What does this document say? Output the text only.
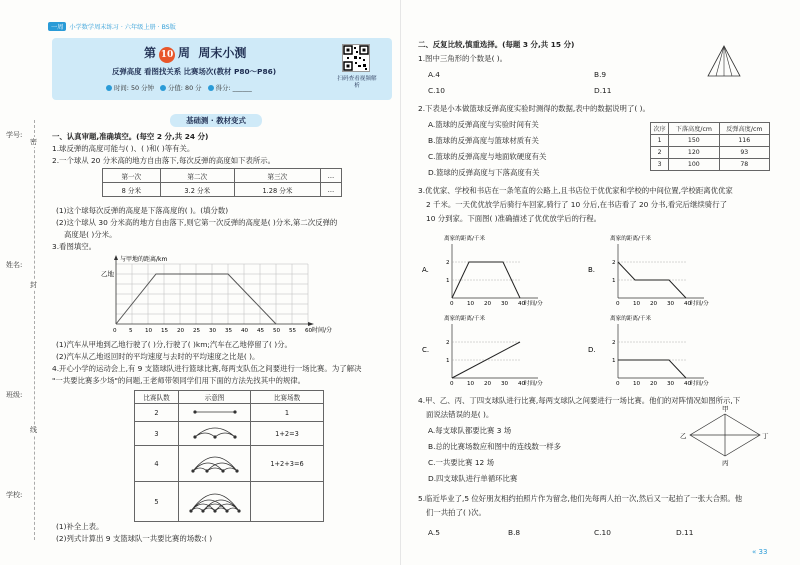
学号:
姓名:
班级:
学校:
密
封
线
一周 小学数学周末练习 · 六年级上册 · BS版
第 10 周 周末小测
反弹高度 看图找关系 比赛场次(教材 P80～P86)
时间: 50 分钟 分值: 80 分 得分: ______
扫码查看视频解析
基础测 · 教材变式
一、认真审题,准确填空。(每空 2 分,共 24 分)
1.球反弹的高度可能与( )、( )和( )等有关。
2.一个球从 20 分米高的地方自由落下,每次反弹的高度如下表所示。
第一次	第二次	第三次	…
8 分米	3.2 分米	1.28 分米	…
(1)这个球每次反弹的高度是下落高度的( )。(填分数)
(2)这个球从 30 分米高的地方自由落下,则它第一次反弹的高度是( )分米,第二次反弹的
高度是( )分米。
3.看图填空。
与甲地的距离/km
乙地
时间/分
0 5 10 15 20 25 30 35 40 45 50 55 60
(1)汽车从甲地到乙地行驶了( )分,行驶了( )km;汽车在乙地停留了( )分。
(2)汽车从乙地返回时的平均速度与去时的平均速度之比是( )。
4.开心小学的运动会上,有 9 支篮球队进行篮球比赛,每两支队伍之间要进行一场比赛。为了解决
"一共要比赛多少场"的问题,王老师带领同学们用下面的方法先找其中的规律。
比赛队数	示意图	比赛场数
2		1
3		1+2=3
4		1+2+3=6
5		
(1)补全上表。
(2)列式计算出 9 支篮球队一共要比赛的场数:( )
二、反复比较,慎重选择。(每题 3 分,共 15 分)
1.图中三角形的个数是( )。
A.4	B.9
C.10	D.11
2.下表是小本做篮球反弹高度实验时测得的数据,表中的数据说明了( )。
A.篮球的反弹高度与实验时间有关
B.篮球的反弹高度与篮球材质有关
C.篮球的反弹高度与地面软硬度有关
D.篮球的反弹高度与下落高度有关
次序	下落高度/cm	反弹高度/cm
1	150	116
2	120	93
3	100	78
3.优优家、学校和书店在一条笔直的公路上,且书店位于优优家和学校的中间位置,学校距离优优家
2 千米。一天优优放学后骑行车回家,骑行了 10 分后,在书店看了 20 分书,看完后继续骑行了
10 分到家。下面图( )准确描述了优优放学后的行程。
A.
离家的距离/千米
1
2
0 10 20 30 40
时间/分
B.
离家的距离/千米
1
2
0 10 20 30 40
时间/分
C.
离家的距离/千米
1
2
0 10 20 30 40
时间/分
D.
离家的距离/千米
1
2
0 10 20 30 40
时间/分
4.甲、乙、丙、丁四支球队进行比赛,每两支球队之间要进行一场比赛。他们的对阵情况如图所示,下
面说法错误的是( )。
A.每支球队都要比赛 3 场
B.总的比赛场数应和图中的连线数一样多
C.一共要比赛 12 场
D.四支球队进行单循环比赛
甲
乙
丙
丁
5.临近毕业了,5 位好朋友相约拍照片作为留念,他们先每两人拍一次,然后又一起拍了一张大合照。他
们一共拍了( )次。
A.5	B.8	C.10	D.11
« 33
